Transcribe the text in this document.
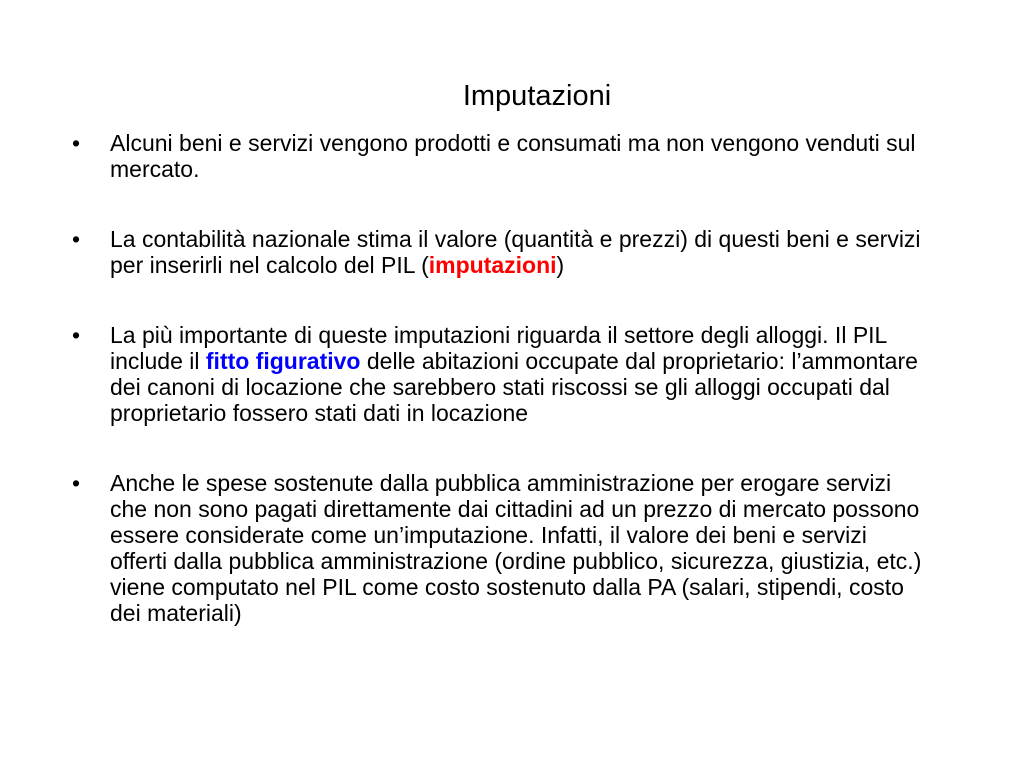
Imputazioni
• Alcuni beni e servizi vengono prodotti e consumati ma non vengono venduti sul mercato.
• La contabilità nazionale stima il valore (quantità e prezzi) di questi beni e servizi per inserirli nel calcolo del PIL (imputazioni)
• La più importante di queste imputazioni riguarda il settore degli alloggi. Il PIL include il fitto figurativo delle abitazioni occupate dal proprietario: l’ammontare dei canoni di locazione che sarebbero stati riscossi se gli alloggi occupati dal proprietario fossero stati dati in locazione
• Anche le spese sostenute dalla pubblica amministrazione per erogare servizi che non sono pagati direttamente dai cittadini ad un prezzo di mercato possono essere considerate come un’imputazione. Infatti, il valore dei beni e servizi offerti dalla pubblica amministrazione (ordine pubblico, sicurezza, giustizia, etc.) viene computato nel PIL come costo sostenuto dalla PA (salari, stipendi, costo dei materiali)
